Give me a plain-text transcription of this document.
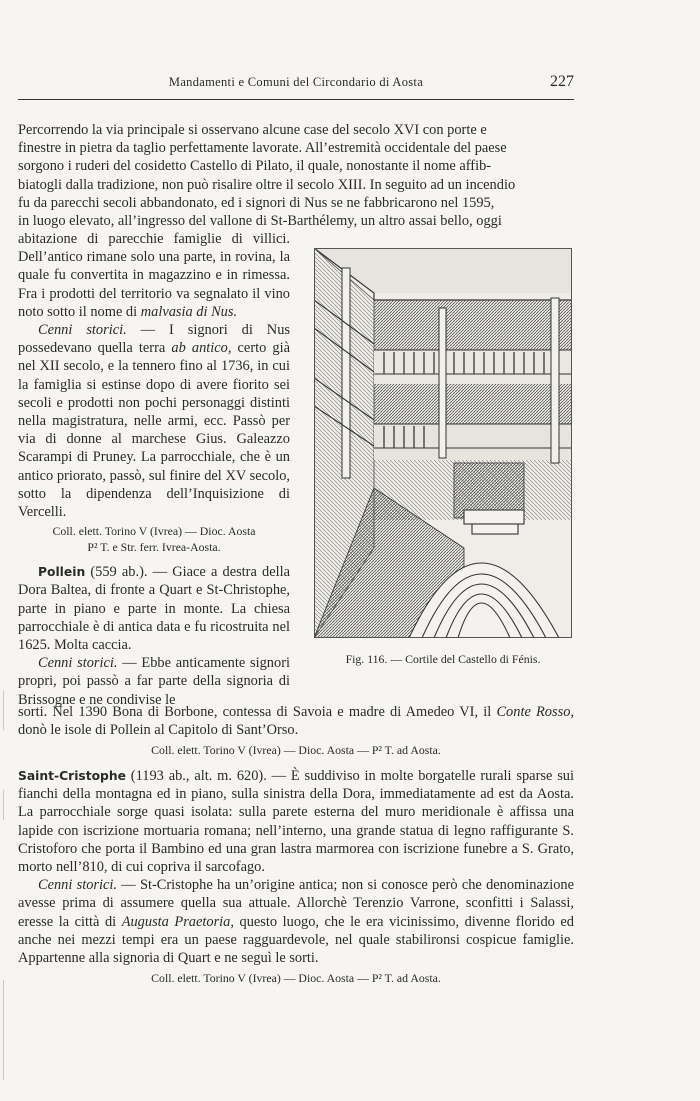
Mandamenti e Comuni del Circondario di Aosta	227

Percorrendo la via principale si osservano alcune case del secolo XVI con porte e

finestre in pietra da taglio perfettamente lavorate. All’estremità occidentale del paese

sorgono i ruderi del cosidetto Castello di Pilato, il quale, nonostante il nome affib-

biatogli dalla tradizione, non può risalire oltre il secolo XIII. In seguito ad un incendio

fu da parecchi secoli abbandonato, ed i signori di Nus se ne fabbricarono nel 1595,

in luogo elevato, all’ingresso del vallone di St-Barthélemy, un altro assai bello, oggi

abitazione di parecchie famiglie di villici. Dell’antico rimane solo una parte, in rovina, la quale fu convertita in magazzino e in rimessa. Fra i prodotti del territorio va segnalato il vino noto sotto il nome di malvasia di Nus.

Cenni storici. — I signori di Nus possedevano quella terra ab antico, certo già nel XII secolo, e la tennero fino al 1736, in cui la famiglia si estinse dopo di avere fiorito sei secoli e prodotti non pochi personaggi distinti nella magistratura, nelle armi, ecc. Passò per via di donne al marchese Gius. Galeazzo Scarampi di Pruney. La parrocchiale, che è un antico priorato, passò, sul finire del XV secolo, sotto la dipendenza dell’Inquisizione di Vercelli.

Coll. elett. Torino V (Ivrea) — Dioc. Aosta

P² T. e Str. ferr. Ivrea-Aosta.

Pollein (559 ab.). — Giace a destra della Dora Baltea, di fronte a Quart e St-Christophe, parte in piano e parte in monte. La chiesa parrocchiale è di antica data e fu ricostruita nel 1625. Molta caccia.

Cenni storici. — Ebbe anticamente signori propri, poi passò a far parte della signoria di Brissogne e ne condivise le

Fig. 116. — Cortile del Castello di Fénis.

sorti. Nel 1390 Bona di Borbone, contessa di Savoia e madre di Amedeo VI, il Conte Rosso, donò le isole di Pollein al Capitolo di Sant’Orso.

Coll. elett. Torino V (Ivrea) — Dioc. Aosta — P² T. ad Aosta.

Saint-Cristophe (1193 ab., alt. m. 620). — È suddiviso in molte borgatelle rurali sparse sui fianchi della montagna ed in piano, sulla sinistra della Dora, immediatamente ad est da Aosta. La parrocchiale sorge quasi isolata: sulla parete esterna del muro meridionale è affissa una lapide con iscrizione mortuaria romana; nell’interno, una grande statua di legno raffigurante S. Cristoforo che porta il Bambino ed una gran lastra marmorea con iscrizione funebre a S. Grato, morto nell’810, di cui copriva il sarcofago.

Cenni storici. — St-Cristophe ha un’origine antica; non si conosce però che denominazione avesse prima di assumere quella sua attuale. Allorchè Terenzio Varrone, sconfitti i Salassi, eresse la città di Augusta Praetoria, questo luogo, che le era vicinissimo, divenne florido ed anche nei mezzi tempi era un paese ragguardevole, nel quale stabilironsi cospicue famiglie. Appartenne alla signoria di Quart e ne seguì le sorti.

Coll. elett. Torino V (Ivrea) — Dioc. Aosta — P² T. ad Aosta.
